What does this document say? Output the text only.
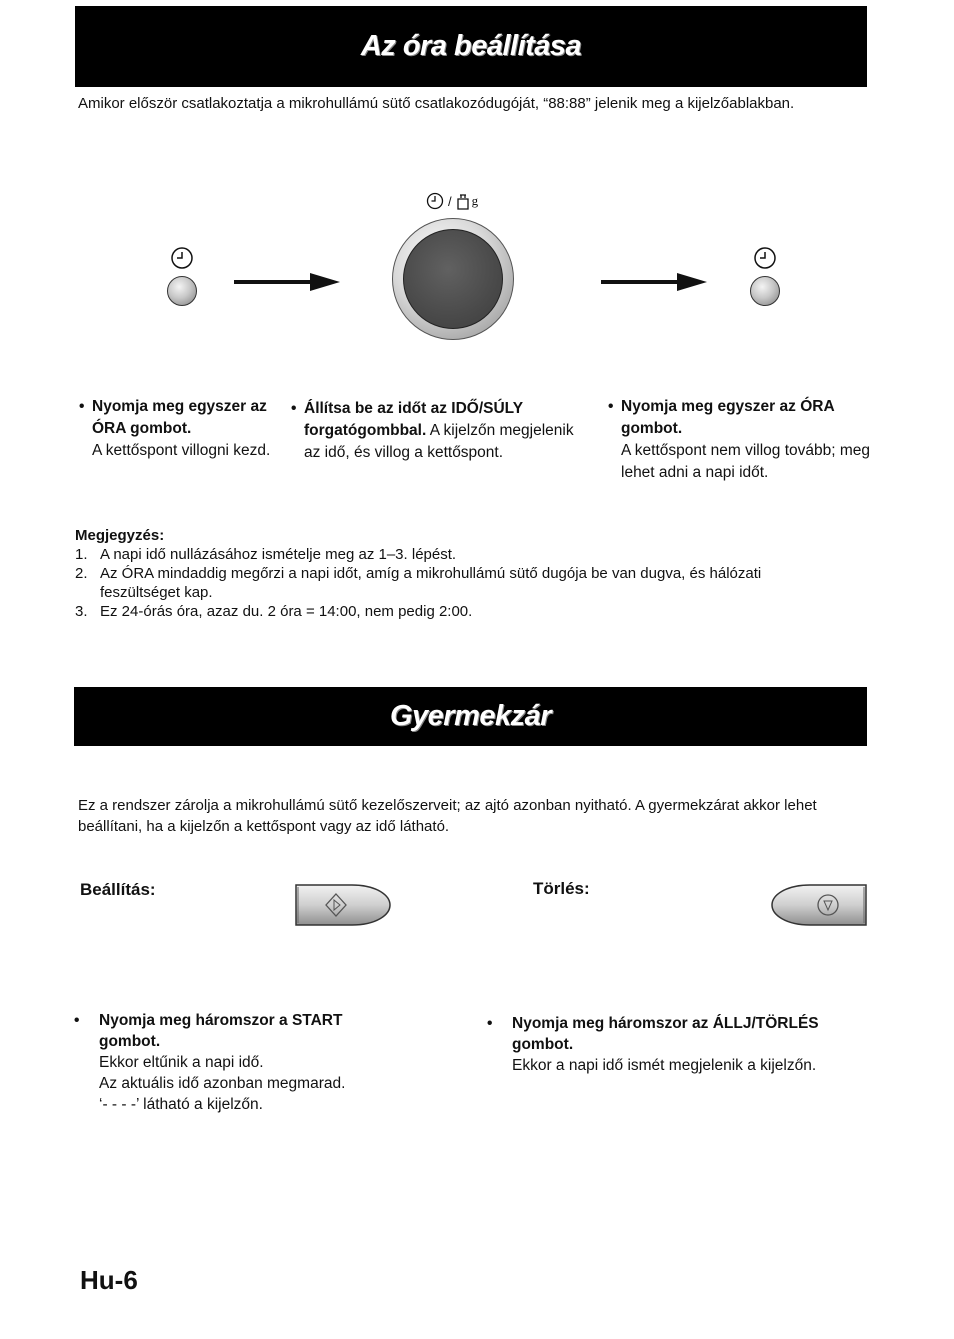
Az óra beállítása
Amikor először csatlakoztatja a mikrohullámú sütő csatlakozódugóját, “88:88” jelenik meg a kijelzőablakban.
/ g
• Nyomja meg egyszer az ÓRA gombot.
A kettőspont villogni kezd.
• Állítsa be az időt az IDŐ/SÚLY forgatógombbal. A kijelzőn megjelenik az idő, és villog a kettőspont.
• Nyomja meg egyszer az ÓRA gombot.
A kettőspont nem villog tovább; meg lehet adni a napi időt.
Megjegyzés:
1. A napi idő nullázásához ismételje meg az 1–3. lépést.
2. Az ÓRA mindaddig megőrzi a napi időt, amíg a mikrohullámú sütő dugója be van dugva, és hálózati feszültséget kap.
3. Ez 24-órás óra, azaz du. 2 óra = 14:00, nem pedig 2:00.
Gyermekzár
Ez a rendszer zárolja a mikrohullámú sütő kezelőszerveit; az ajtó azonban nyitható. A gyermekzárat akkor lehet beállítani, ha a kijelzőn a kettőspont vagy az idő látható.
Beállítás:	Törlés:
• Nyomja meg háromszor a START gombot.
Ekkor eltűnik a napi idő.
Az aktuális idő azonban megmarad.
‘- - - -’ látható a kijelzőn.
• Nyomja meg háromszor az ÁLLJ/TÖRLÉS gombot.
Ekkor a napi idő ismét megjelenik a kijelzőn.
Hu-6
